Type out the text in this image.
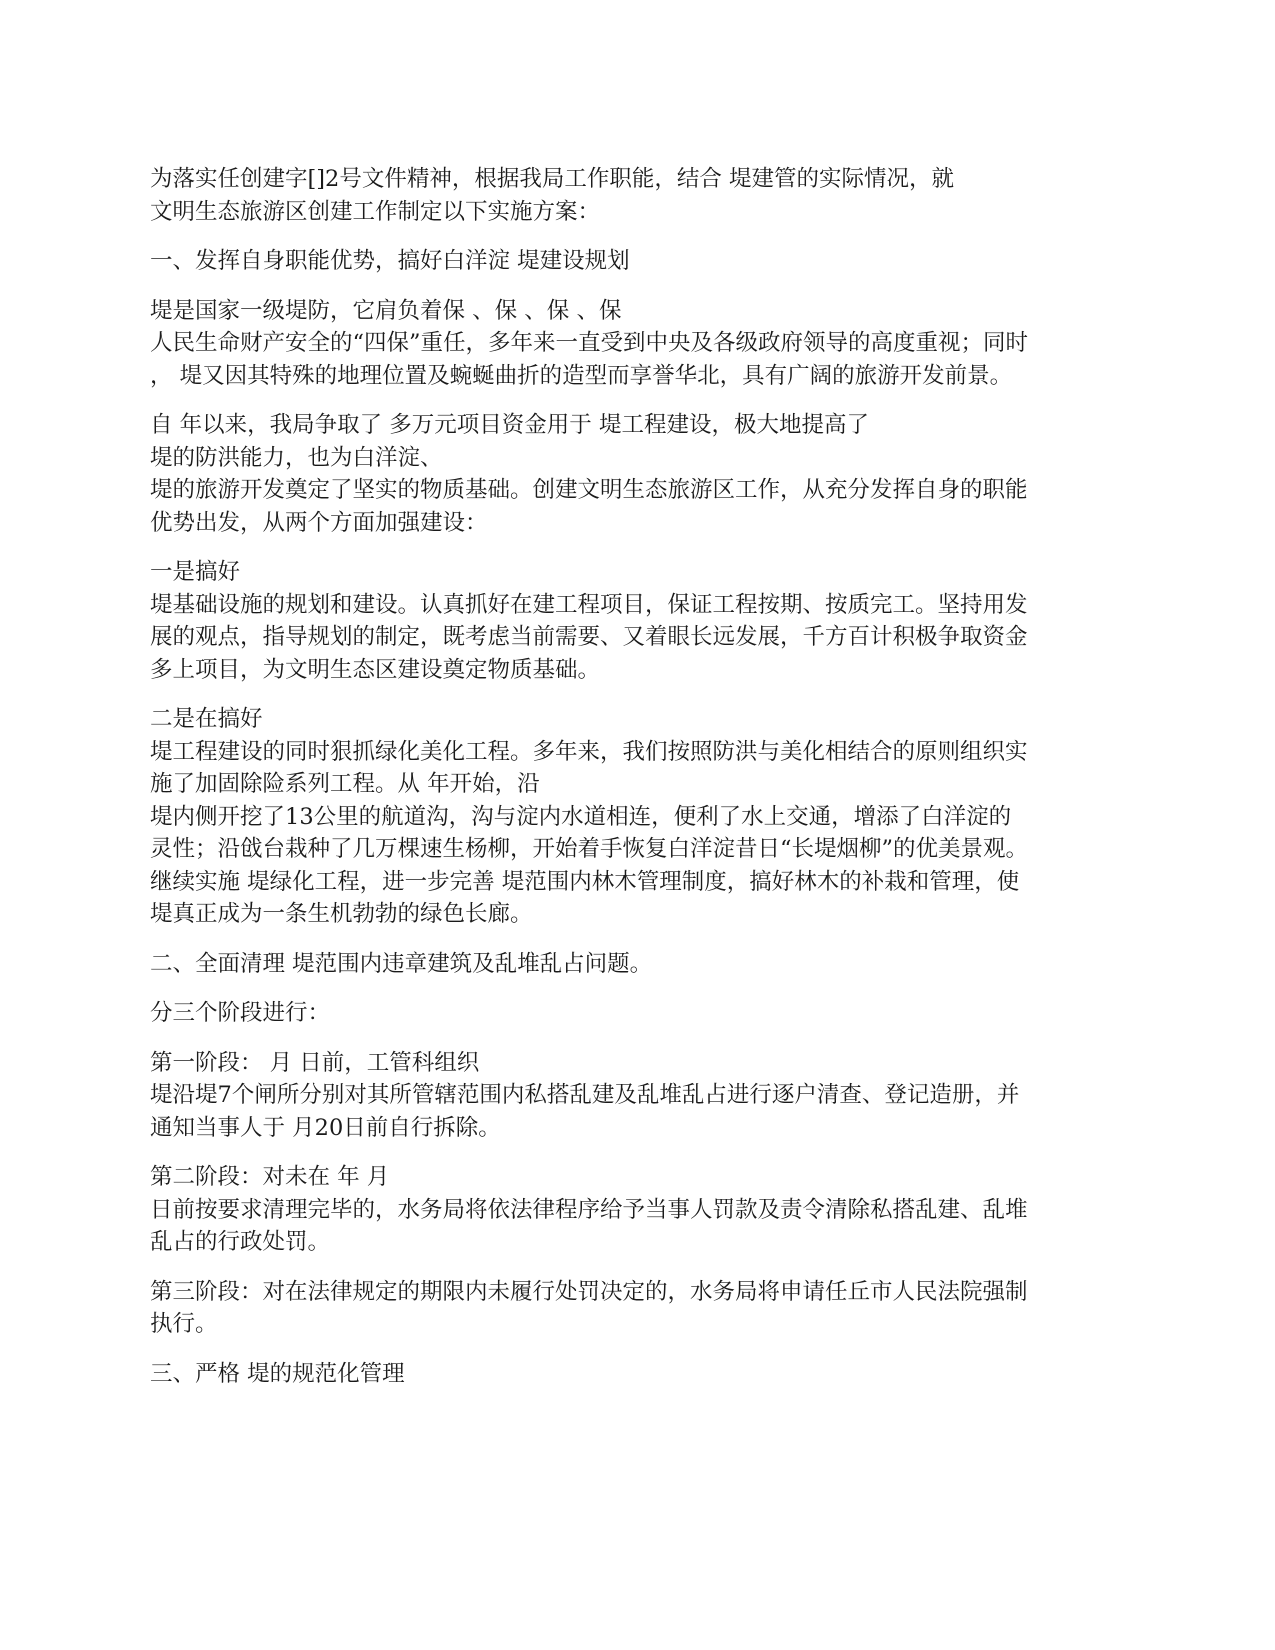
为落实任创建字[]2号文件精神，根据我局工作职能，结合 堤建管的实际情况，就
文明生态旅游区创建工作制定以下实施方案：
一、发挥自身职能优势，搞好白洋淀 堤建设规划
堤是国家一级堤防，它肩负着保 、保 、保 、保
人民生命财产安全的“四保”重任，多年来一直受到中央及各级政府领导的高度重视；同时
， 堤又因其特殊的地理位置及蜿蜒曲折的造型而享誉华北，具有广阔的旅游开发前景。
自 年以来，我局争取了 多万元项目资金用于 堤工程建设，极大地提高了
堤的防洪能力，也为白洋淀、
堤的旅游开发奠定了坚实的物质基础。创建文明生态旅游区工作，从充分发挥自身的职能
优势出发，从两个方面加强建设：
一是搞好
堤基础设施的规划和建设。认真抓好在建工程项目，保证工程按期、按质完工。坚持用发
展的观点，指导规划的制定，既考虑当前需要、又着眼长远发展，千方百计积极争取资金
多上项目，为文明生态区建设奠定物质基础。
二是在搞好
堤工程建设的同时狠抓绿化美化工程。多年来，我们按照防洪与美化相结合的原则组织实
施了加固除险系列工程。从 年开始，沿
堤内侧开挖了13公里的航道沟，沟与淀内水道相连，便利了水上交通，增添了白洋淀的
灵性；沿戗台栽种了几万棵速生杨柳，开始着手恢复白洋淀昔日“长堤烟柳”的优美景观。
继续实施 堤绿化工程，进一步完善 堤范围内林木管理制度，搞好林木的补栽和管理，使
堤真正成为一条生机勃勃的绿色长廊。
二、全面清理 堤范围内违章建筑及乱堆乱占问题。
分三个阶段进行：
第一阶段： 月 日前，工管科组织
堤沿堤7个闸所分别对其所管辖范围内私搭乱建及乱堆乱占进行逐户清查、登记造册，并
通知当事人于 月20日前自行拆除。
第二阶段：对未在 年 月
日前按要求清理完毕的，水务局将依法律程序给予当事人罚款及责令清除私搭乱建、乱堆
乱占的行政处罚。
第三阶段：对在法律规定的期限内未履行处罚决定的，水务局将申请任丘市人民法院强制
执行。
三、严格 堤的规范化管理
